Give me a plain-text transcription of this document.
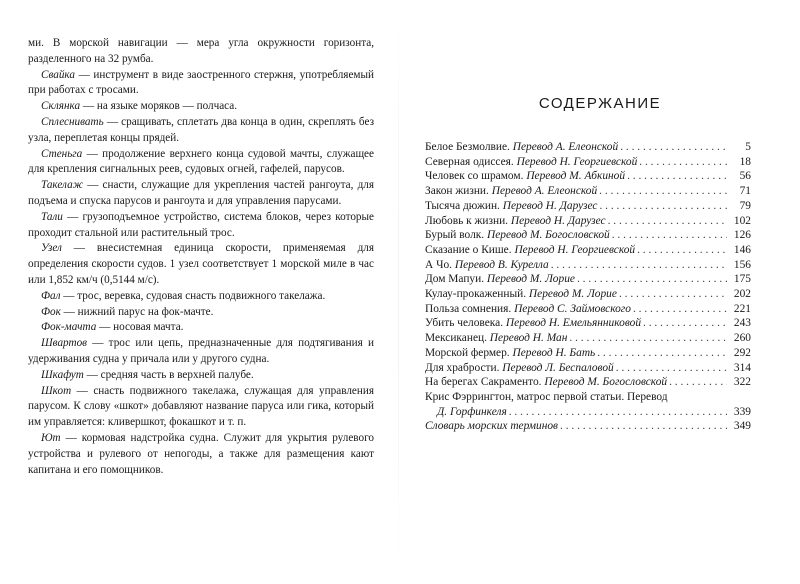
ми. В морской навигации — мера угла окружности горизонта, разделенного на 32 румба.
Свайка — инструмент в виде заостренного стержня, употребляемый при работах с тросами.
Склянка — на языке моряков — полчаса.
Сплеснивать — сращивать, сплетать два конца в один, скреплять без узла, переплетая концы прядей.
Стеньга — продолжение верхнего конца судовой мачты, служащее для крепления сигнальных реев, судовых огней, гафелей, парусов.
Такелаж — снасти, служащие для укрепления частей рангоута, для подъема и спуска парусов и рангоута и для управления парусами.
Тали — грузоподъемное устройство, система блоков, через которые проходит стальной или растительный трос.
Узел — внесистемная единица скорости, применяемая для определения скорости судов. 1 узел соответствует 1 морской миле в час или 1,852 км/ч (0,5144 м/с).
Фал — трос, веревка, судовая снасть подвижного такелажа.
Фок — нижний парус на фок-мачте.
Фок-мачта — носовая мачта.
Швартов — трос или цепь, предназначенные для подтягивания и удерживания судна у причала или у другого судна.
Шкафут — средняя часть в верхней палубе.
Шкот — снасть подвижного такелажа, служащая для управления парусом. К слову «шкот» добавляют название паруса или гика, который им управляется: кливершкот, фокашкот и т. п.
Ют — кормовая надстройка судна. Служит для укрытия рулевого устройства и рулевого от непогоды, а также для размещения кают капитана и его помощников.
СОДЕРЖАНИЕ
Белое Безмолвие. Перевод А. Елеонской . . .	5
Северная одиссея. Перевод Н. Георгиевской . . .	18
Человек со шрамом. Перевод М. Абкиной . . .	56
Закон жизни. Перевод А. Елеонской . . .	71
Тысяча дюжин. Перевод Н. Дарузес . . .	79
Любовь к жизни. Перевод Н. Дарузес . . .	102
Бурый волк. Перевод М. Богословской . . .	126
Сказание о Кише. Перевод Н. Георгиевской . . .	146
А Чо. Перевод В. Курелла . . .	156
Дом Мапуи. Перевод М. Лорие . . .	175
Кулау-прокаженный. Перевод М. Лорие . . .	202
Польза сомнения. Перевод С. Займовского . . .	221
Убить человека. Перевод Н. Емельянниковой . . .	243
Мексиканец. Перевод Н. Ман . . .	260
Морской фермер. Перевод Н. Бать . . .	292
Для храбрости. Перевод Л. Беспаловой . . .	314
На берегах Сакраменто. Перевод М. Богословской . . .	322
Крис Фэррингтон, матрос первой статьи. Перевод
Д. Горфинкеля . . .	339
Словарь морских терминов . . .	349
